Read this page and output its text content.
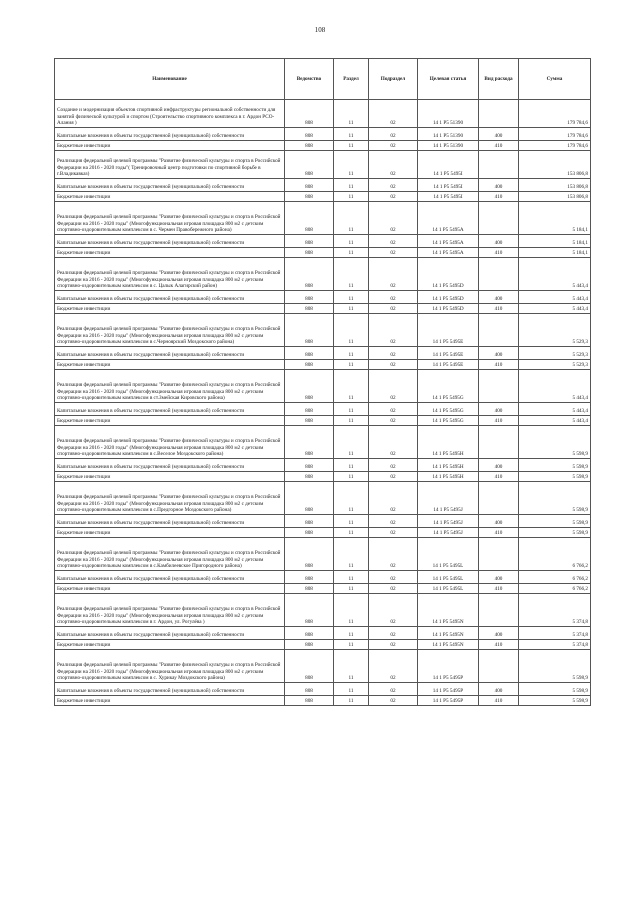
108
Наименование	Ведомство	Раздел	Подраздел	Целевая статья	Вид расхода	Сумма
Создание и модернизация объектов спортивной инфраструктуры региональной собственности для занятий физической культурой и спортом (Строительство спортивного комплекса в г. Ардон РСО-Алания )	808	11	02	14 1 P5 51390		179 784,6
Капитальные вложения в объекты государственной (муниципальной) собственности	808	11	02	14 1 P5 51390	400	179 784,6
Бюджетные инвестиции	808	11	02	14 1 P5 51390	410	179 784,6
Реализация федеральной целевой программы "Развитие физической культуры и спорта в Российской Федерации на 2016 - 2020 годы"( Тренировочный центр подготовки по спортивной борьбе в г.Владикавказ)	808	11	02	14 1 P5 5495I		153 806,8
Капитальные вложения в объекты государственной (муниципальной) собственности	808	11	02	14 1 P5 5495I	400	153 806,8
Бюджетные инвестиции	808	11	02	14 1 P5 5495I	410	153 806,8
Реализация федеральной целевой программы "Развитие физической культуры и спорта в Российской Федерации на 2016 - 2020 годы" (Многофункциональная игровая площадка 800 м2 с детским спортивно-оздоровительным комплексом в с. Чермен Правобережного района)	808	11	02	14 1 P5 5495A		5 184,1
Капитальные вложения в объекты государственной (муниципальной) собственности	808	11	02	14 1 P5 5495A	400	5 184,1
Бюджетные инвестиции	808	11	02	14 1 P5 5495A	410	5 184,1
Реализация федеральной целевой программы "Развитие физической культуры и спорта в Российской Федерации на 2016 - 2020 годы" (Многофункциональная игровая площадка 800 м2 с детским спортивно-оздоровительным комплексом в с. Цалык Алагирский район)	808	11	02	14 1 P5 5495D		5 443,4
Капитальные вложения в объекты государственной (муниципальной) собственности	808	11	02	14 1 P5 5495D	400	5 443,4
Бюджетные инвестиции	808	11	02	14 1 P5 5495D	410	5 443,4
Реализация федеральной целевой программы "Развитие физической культуры и спорта в Российской Федерации на 2016 - 2020 годы" (Многофункциональная игровая площадка 800 м2 с детским спортивно-оздоровительным комплексом в с.Черноярский Моздокского района)	808	11	02	14 1 P5 5495E		5 529,3
Капитальные вложения в объекты государственной (муниципальной) собственности	808	11	02	14 1 P5 5495E	400	5 529,3
Бюджетные инвестиции	808	11	02	14 1 P5 5495E	410	5 529,3
Реализация федеральной целевой программы "Развитие физической культуры и спорта в Российской Федерации на 2016 - 2020 годы" (Многофункциональная игровая площадка 800 м2 с детским спортивно-оздоровительным комплексом в ст.Змейская Кировского района)	808	11	02	14 1 P5 5495G		5 443,4
Капитальные вложения в объекты государственной (муниципальной) собственности	808	11	02	14 1 P5 5495G	400	5 443,4
Бюджетные инвестиции	808	11	02	14 1 P5 5495G	410	5 443,4
Реализация федеральной целевой программы "Развитие физической культуры и спорта в Российской Федерации на 2016 - 2020 годы" (Многофункциональная игровая площадка 800 м2 с детским спортивно-оздоровительным комплексом в с.Веселое Моздокского района)	808	11	02	14 1 P5 5495H		5 598,9
Капитальные вложения в объекты государственной (муниципальной) собственности	808	11	02	14 1 P5 5495H	400	5 598,9
Бюджетные инвестиции	808	11	02	14 1 P5 5495H	410	5 598,9
Реализация федеральной целевой программы "Развитие физической культуры и спорта в Российской Федерации на 2016 - 2020 годы" (Многофункциональная игровая площадка 800 м2 с детским спортивно-оздоровительным комплексом в с.Предгорное Моздокского района)	808	11	02	14 1 P5 5495J		5 598,9
Капитальные вложения в объекты государственной (муниципальной) собственности	808	11	02	14 1 P5 5495J	400	5 598,9
Бюджетные инвестиции	808	11	02	14 1 P5 5495J	410	5 598,9
Реализация федеральной целевой программы "Развитие физической культуры и спорта в Российской Федерации на 2016 - 2020 годы" (Многофункциональная игровая площадка 800 м2 с детским спортивно-оздоровительным комплексом в с.Камбилеевское Пригородного района)	808	11	02	14 1 P5 5495L		6 766,2
Капитальные вложения в объекты государственной (муниципальной) собственности	808	11	02	14 1 P5 5495L	400	6 766,2
Бюджетные инвестиции	808	11	02	14 1 P5 5495L	410	6 766,2
Реализация федеральной целевой программы "Развитие физической культуры и спорта в Российской Федерации на 2016 - 2020 годы" (Многофункциональная игровая площадка 800 м2 с детским спортивно-оздоровительным комплексом в г. Ардон, ул. Рогулёва )	808	11	02	14 1 P5 5495N		5 374,8
Капитальные вложения в объекты государственной (муниципальной) собственности	808	11	02	14 1 P5 5495N	400	5 374,8
Бюджетные инвестиции	808	11	02	14 1 P5 5495N	410	5 374,8
Реализация федеральной целевой программы "Развитие физической культуры и спорта в Российской Федерации на 2016 - 2020 годы" (Многофункциональная игровая площадка 800 м2 с детским спортивно-оздоровительным комплексом в с. Хурикау Моздокского района)	808	11	02	14 1 P5 5495P		5 598,9
Капитальные вложения в объекты государственной (муниципальной) собственности	808	11	02	14 1 P5 5495P	400	5 598,9
Бюджетные инвестиции	808	11	02	14 1 P5 5495P	410	5 598,9
